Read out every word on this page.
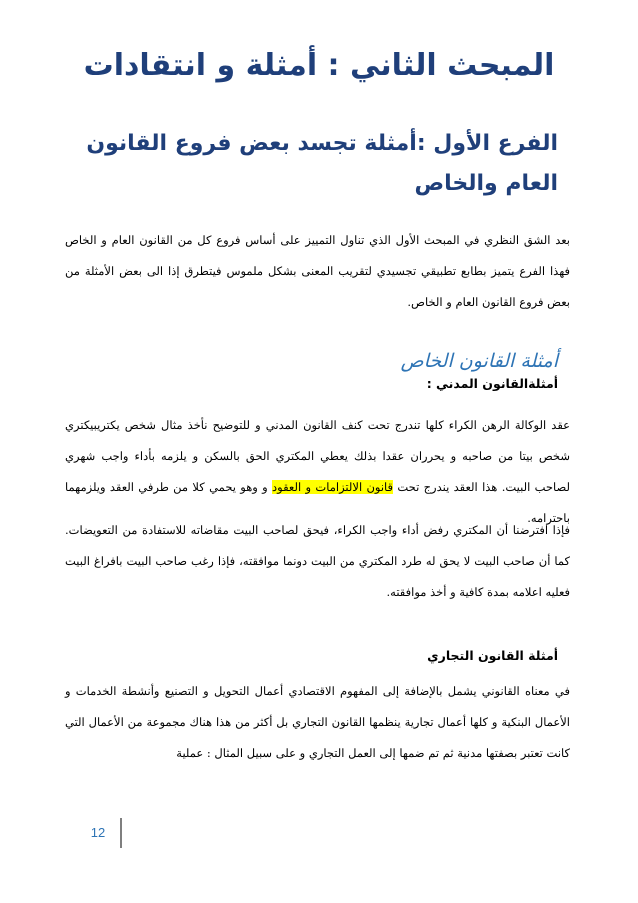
المبحث الثاني : أمثلة و انتقادات
الفرع الأول :أمثلة تجسد بعض فروع القانون العام والخاص

بعد الشق النظري في المبحث الأول الذي تناول التمييز على أساس فروع كل من القانون العام و الخاص فهذا الفرع يتميز بطابع تطبيقي تجسيدي لتقريب المعنى بشكل ملموس فيتطرق إذا الى بعض الأمثلة من بعض فروع القانون العام و الخاص.

أمثلة القانون الخاص

أمثلةالقانون المدني :

عقد الوكالة الرهن الكراء كلها تندرج تحت كنف القانون المدني و للتوضيح نأخذ مثال شخص يكتريبيكتري شخص بيتا من صاحبه و يحرران عقدا بذلك يعطي المكتري الحق بالسكن و يلزمه بأداء واجب شهري لصاحب البيت. هذا العقد يندرج تحت قانون الالتزامات و العقود و وهو يحمي كلا من طرفي العقد ويلزمهما باحترامه.

فإذا افترضنا أن المكتري رفض أداء واجب الكراء، فيحق لصاحب البيت مقاضاته للاستفادة من التعويضات. كما أن صاحب البيت لا يحق له طرد المكتري من البيت دونما موافقته، فإذا رغب صاحب البيت بافراغ البيت فعليه اعلامه بمدة كافية و أخذ موافقته.

أمثلة القانون التجاري

في معناه القانوني يشمل بالإضافة إلى المفهوم الاقتصادي أعمال التحويل و التصنيع وأنشطة الخدمات و الأعمال البنكية و كلها أعمال تجارية ينظمها القانون التجاري بل أكثر من هذا هناك مجموعة من الأعمال التي كانت تعتبر بصفتها مدنية ثم تم ضمها إلى العمل التجاري و على سبيل المثال : عملية

12
